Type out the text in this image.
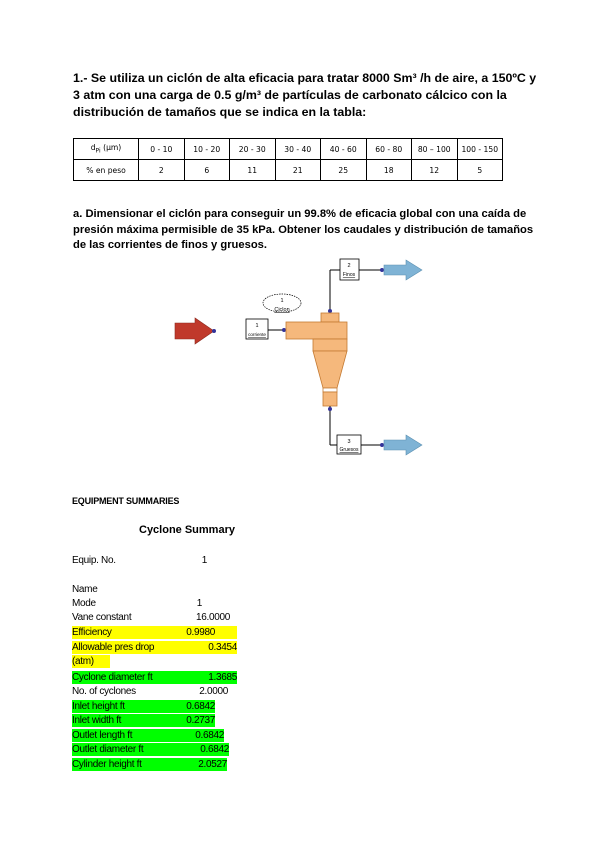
1.- Se utiliza un ciclón de alta eficacia para tratar 8000 Sm³ /h de aire, a 150ºC y 3 atm con una carga de 0.5 g/m³ de partículas de carbonato cálcico con la distribución de tamaños que se indica en la tabla:
$d_{Pi}$ (µm)	0 - 10	10 - 20	20 - 30	30 - 40	40 - 60	60 - 80	80 – 100	100 - 150
% en peso	2	6	11	21	25	18	12	5
a. Dimensionar el ciclón para conseguir un 99.8% de eficacia global con una caída de presión máxima permisible de 35 kPa. Obtener los caudales y distribución de tamaños de las corrientes de finos y gruesos.
2
Finos
1
Ciclon
1
corriente
3
Gruesos
EQUIPMENT SUMMARIES
Cyclone Summary
Equip. No.	1
Name
Mode	1
Vane constant	16.0000
Efficiency	0.9980
Allowable pres drop	0.3454
(atm)
Cyclone diameter ft	1.3685
No. of cyclones	2.0000
Inlet height ft	0.6842
Inlet width ft	0.2737
Outlet length ft	0.6842
Outlet diameter ft	0.6842
Cylinder height ft	2.0527
